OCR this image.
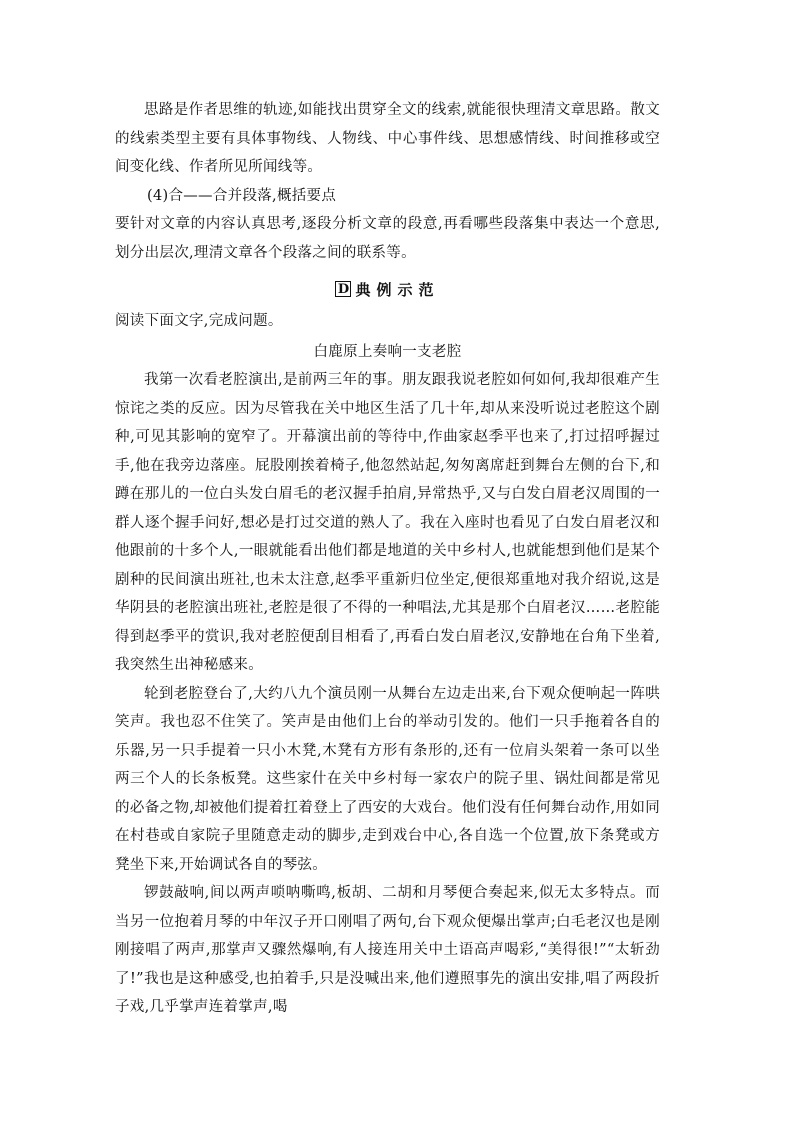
思路是作者思维的轨迹,如能找出贯穿全文的线索,就能很快理清文章思路。散文的线索类型主要有具体事物线、人物线、中心事件线、思想感情线、时间推移或空间变化线、作者所见所闻线等。

(4)合——合并段落,概括要点

要针对文章的内容认真思考,逐段分析文章的段意,再看哪些段落集中表达一个意思,划分出层次,理清文章各个段落之间的联系等。

D 典例示范

阅读下面文字,完成问题。

白鹿原上奏响一支老腔

我第一次看老腔演出,是前两三年的事。朋友跟我说老腔如何如何,我却很难产生惊诧之类的反应。因为尽管我在关中地区生活了几十年,却从来没听说过老腔这个剧种,可见其影响的宽窄了。开幕演出前的等待中,作曲家赵季平也来了,打过招呼握过手,他在我旁边落座。屁股刚挨着椅子,他忽然站起,匆匆离席赶到舞台左侧的台下,和蹲在那儿的一位白头发白眉毛的老汉握手拍肩,异常热乎,又与白发白眉老汉周围的一群人逐个握手问好,想必是打过交道的熟人了。我在入座时也看见了白发白眉老汉和他跟前的十多个人,一眼就能看出他们都是地道的关中乡村人,也就能想到他们是某个剧种的民间演出班社,也未太注意,赵季平重新归位坐定,便很郑重地对我介绍说,这是华阴县的老腔演出班社,老腔是很了不得的一种唱法,尤其是那个白眉老汉……老腔能得到赵季平的赏识,我对老腔便刮目相看了,再看白发白眉老汉,安静地在台角下坐着,我突然生出神秘感来。

轮到老腔登台了,大约八九个演员刚一从舞台左边走出来,台下观众便响起一阵哄笑声。我也忍不住笑了。笑声是由他们上台的举动引发的。他们一只手拖着各自的乐器,另一只手提着一只小木凳,木凳有方形有条形的,还有一位肩头架着一条可以坐两三个人的长条板凳。这些家什在关中乡村每一家农户的院子里、锅灶间都是常见的必备之物,却被他们提着扛着登上了西安的大戏台。他们没有任何舞台动作,用如同在村巷或自家院子里随意走动的脚步,走到戏台中心,各自选一个位置,放下条凳或方凳坐下来,开始调试各自的琴弦。

锣鼓敲响,间以两声唢呐嘶鸣,板胡、二胡和月琴便合奏起来,似无太多特点。而当另一位抱着月琴的中年汉子开口刚唱了两句,台下观众便爆出掌声;白毛老汉也是刚刚接唱了两声,那掌声又骤然爆响,有人接连用关中土语高声喝彩,“美得很!”“太斩劲了!”我也是这种感受,也拍着手,只是没喊出来,他们遵照事先的演出安排,唱了两段折子戏,几乎掌声连着掌声,喝
